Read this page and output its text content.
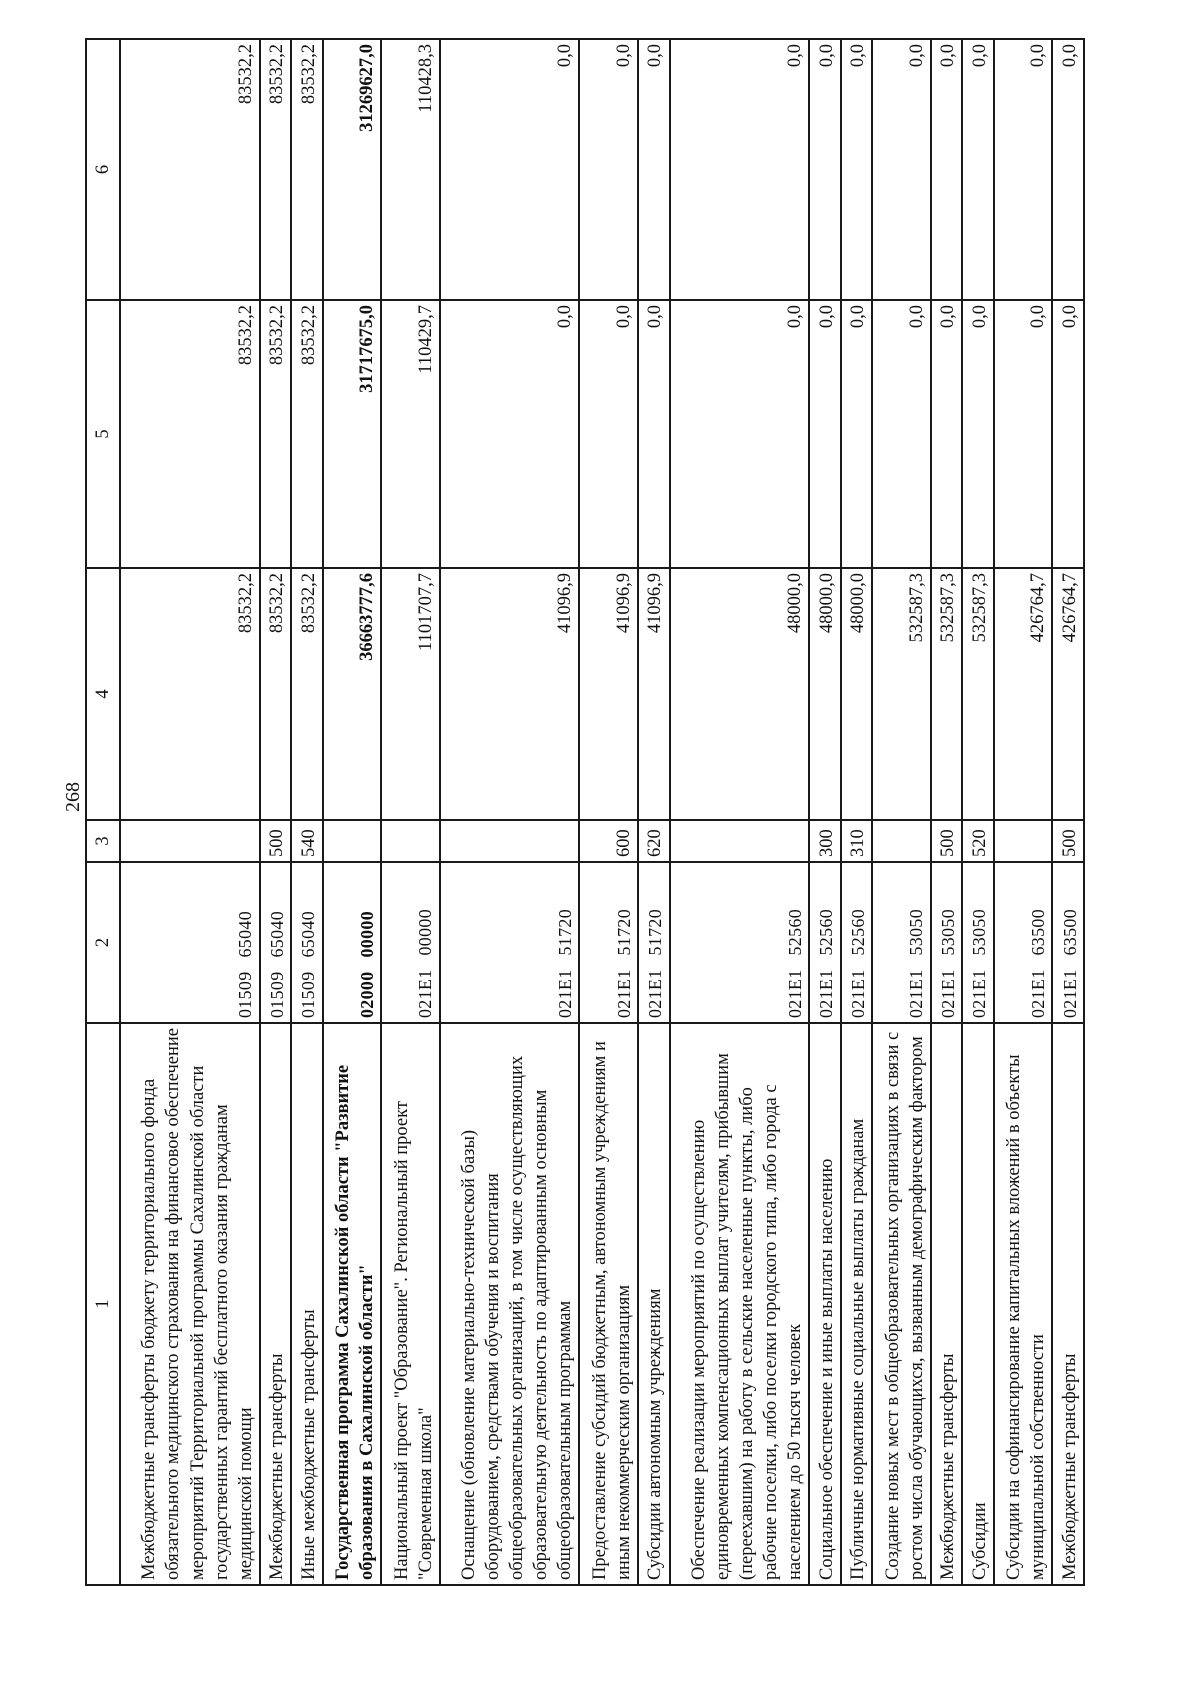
268
1	2	3	4	5	6
Межбюджетные трансферты бюджету территориального фонда обязательного медицинского страхования на финансовое обеспечение мероприятий Территориальной программы Сахалинской области государственных гарантий бесплатного оказания гражданам медицинской помощи	0150965040		83532,2	83532,2	83532,2
Межбюджетные трансферты	0150965040	500	83532,2	83532,2	83532,2
Иные межбюджетные трансферты	0150965040	540	83532,2	83532,2	83532,2
Государственная программа Сахалинской области "Развитие образования в Сахалинской области"	0200000000		36663777,6	31717675,0	31269627,0
Национальный проект "Образование". Региональный проект "Современная школа"	021E100000		1101707,7	110429,7	110428,3
Оснащение (обновление материально-технической базы) оборудованием, средствами обучения и воспитания общеобразовательных организаций, в том числе осуществляющих образовательную деятельность по адаптированным основным общеобразовательным программам	021E151720		41096,9	0,0	0,0
Предоставление субсидий бюджетным, автономным учреждениям и иным некоммерческим организациям	021E151720	600	41096,9	0,0	0,0
Субсидии автономным учреждениям	021E151720	620	41096,9	0,0	0,0
Обеспечение реализации мероприятий по осуществлению единовременных компенсационных выплат учителям, прибывшим (переехавшим) на работу в сельские населенные пункты, либо рабочие поселки, либо поселки городского типа, либо города с населением до 50 тысяч человек	021E152560		48000,0	0,0	0,0
Социальное обеспечение и иные выплаты населению	021E152560	300	48000,0	0,0	0,0
Публичные нормативные социальные выплаты гражданам	021E152560	310	48000,0	0,0	0,0
Создание новых мест в общеобразовательных организациях в связи с ростом числа обучающихся, вызванным демографическим фактором	021E153050		532587,3	0,0	0,0
Межбюджетные трансферты	021E153050	500	532587,3	0,0	0,0
Субсидии	021E153050	520	532587,3	0,0	0,0
Субсидии на софинансирование капитальных вложений в объекты муниципальной собственности	021E163500		426764,7	0,0	0,0
Межбюджетные трансферты	021E163500	500	426764,7	0,0	0,0
